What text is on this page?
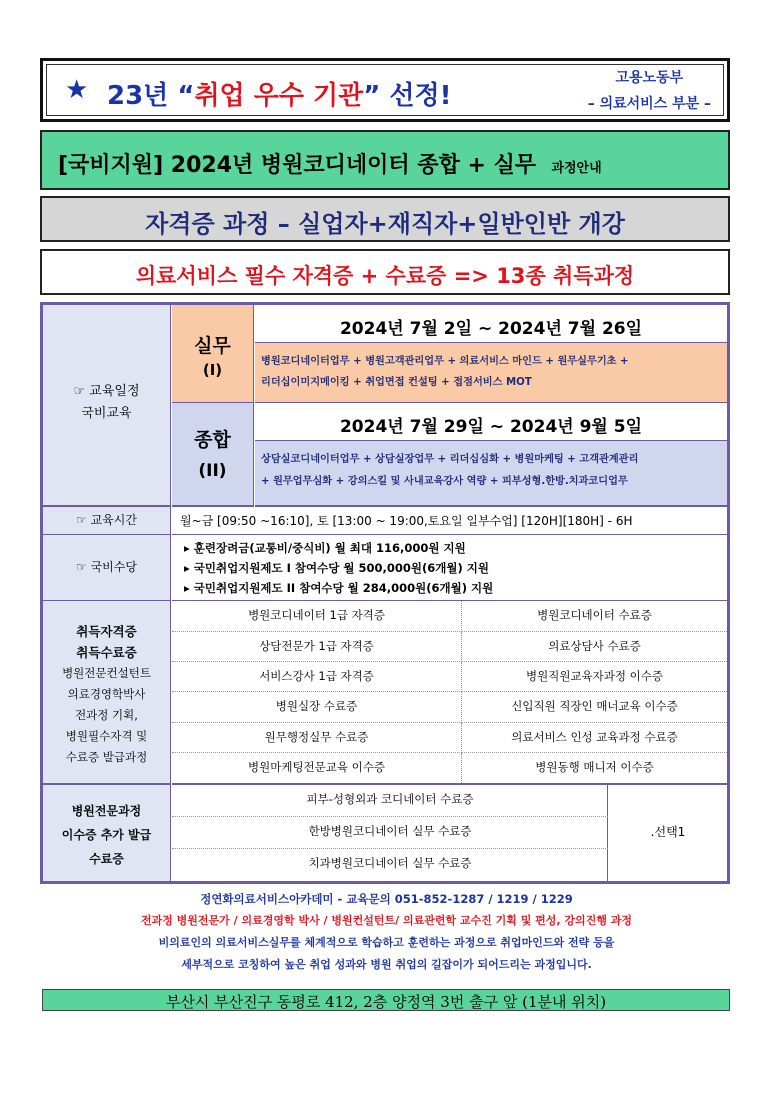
★ 23년 “취업 우수 기관” 선정!
고용노동부
– 의료서비스 부분 –
[국비지원] 2024년 병원코디네이터 종합 + 실무 과정안내
자격증 과정 – 실업자+재직자+일반인반 개강
의료서비스 필수 자격증 + 수료증 => 13종 취득과정
☞ 교육일정
국비교육
실무
(I)
2024년 7월 2일 ~ 2024년 7월 26일
병원코디네이터업무 + 병원고객관리업무 + 의료서비스 마인드 + 원무실무기초 +
리더십이미지메이킹 + 취업면접 컨설팅 + 접점서비스 MOT
종합
(II)
2024년 7월 29일 ~ 2024년 9월 5일
상담실코디네이터업무 + 상담실장업무 + 리더십심화 + 병원마케팅 + 고객관계관리
+ 원무업무심화 + 강의스킬 및 사내교육강사 역량 + 피부성형.한방.치과코디업무
☞ 교육시간	월~금 [09:50 ~16:10], 토 [13:00 ~ 19:00,토요일 일부수업] [120H][180H] - 6H
☞ 국비수당
▸ 훈련장려금(교통비/중식비) 월 최대 116,000원 지원
▸ 국민취업지원제도 I 참여수당 월 500,000원(6개월) 지원
▸ 국민취업지원제도 II 참여수당 월 284,000원(6개월) 지원
취득자격증
취득수료증
병원전문컨설턴트
의료경영학박사
전과정 기획,
병원필수자격 및
수료증 발급과정
병원코디네이터 1급 자격증	병원코디네이터 수료증
상담전문가 1급 자격증	의료상담사 수료증
서비스강사 1급 자격증	병원직원교육자과정 이수증
병원실장 수료증	신입직원 직장인 매너교육 이수증
원무행정실무 수료증	의료서비스 인성 교육과정 수료증
병원마케팅전문교육 이수증	병원동행 매니저 이수증
병원전문과정
이수증 추가 발급
수료증
피부-성형외과 코디네이터 수료증
한방병원코디네이터 실무 수료증
치과병원코디네이터 실무 수료증
.선택1
정연화의료서비스아카데미 - 교육문의 051-852-1287 / 1219 / 1229
전과정 병원전문가 / 의료경영학 박사 / 병원컨설턴트/ 의료관련학 교수진 기획 및 편성, 강의진행 과정
비의료인의 의료서비스실무를 체계적으로 학습하고 훈련하는 과정으로 취업마인드와 전략 등을
세부적으로 코칭하여 높은 취업 성과와 병원 취업의 길잡이가 되어드리는 과정입니다.
부산시 부산진구 동평로 412, 2층 양정역 3번 출구 앞 (1분내 위치)
